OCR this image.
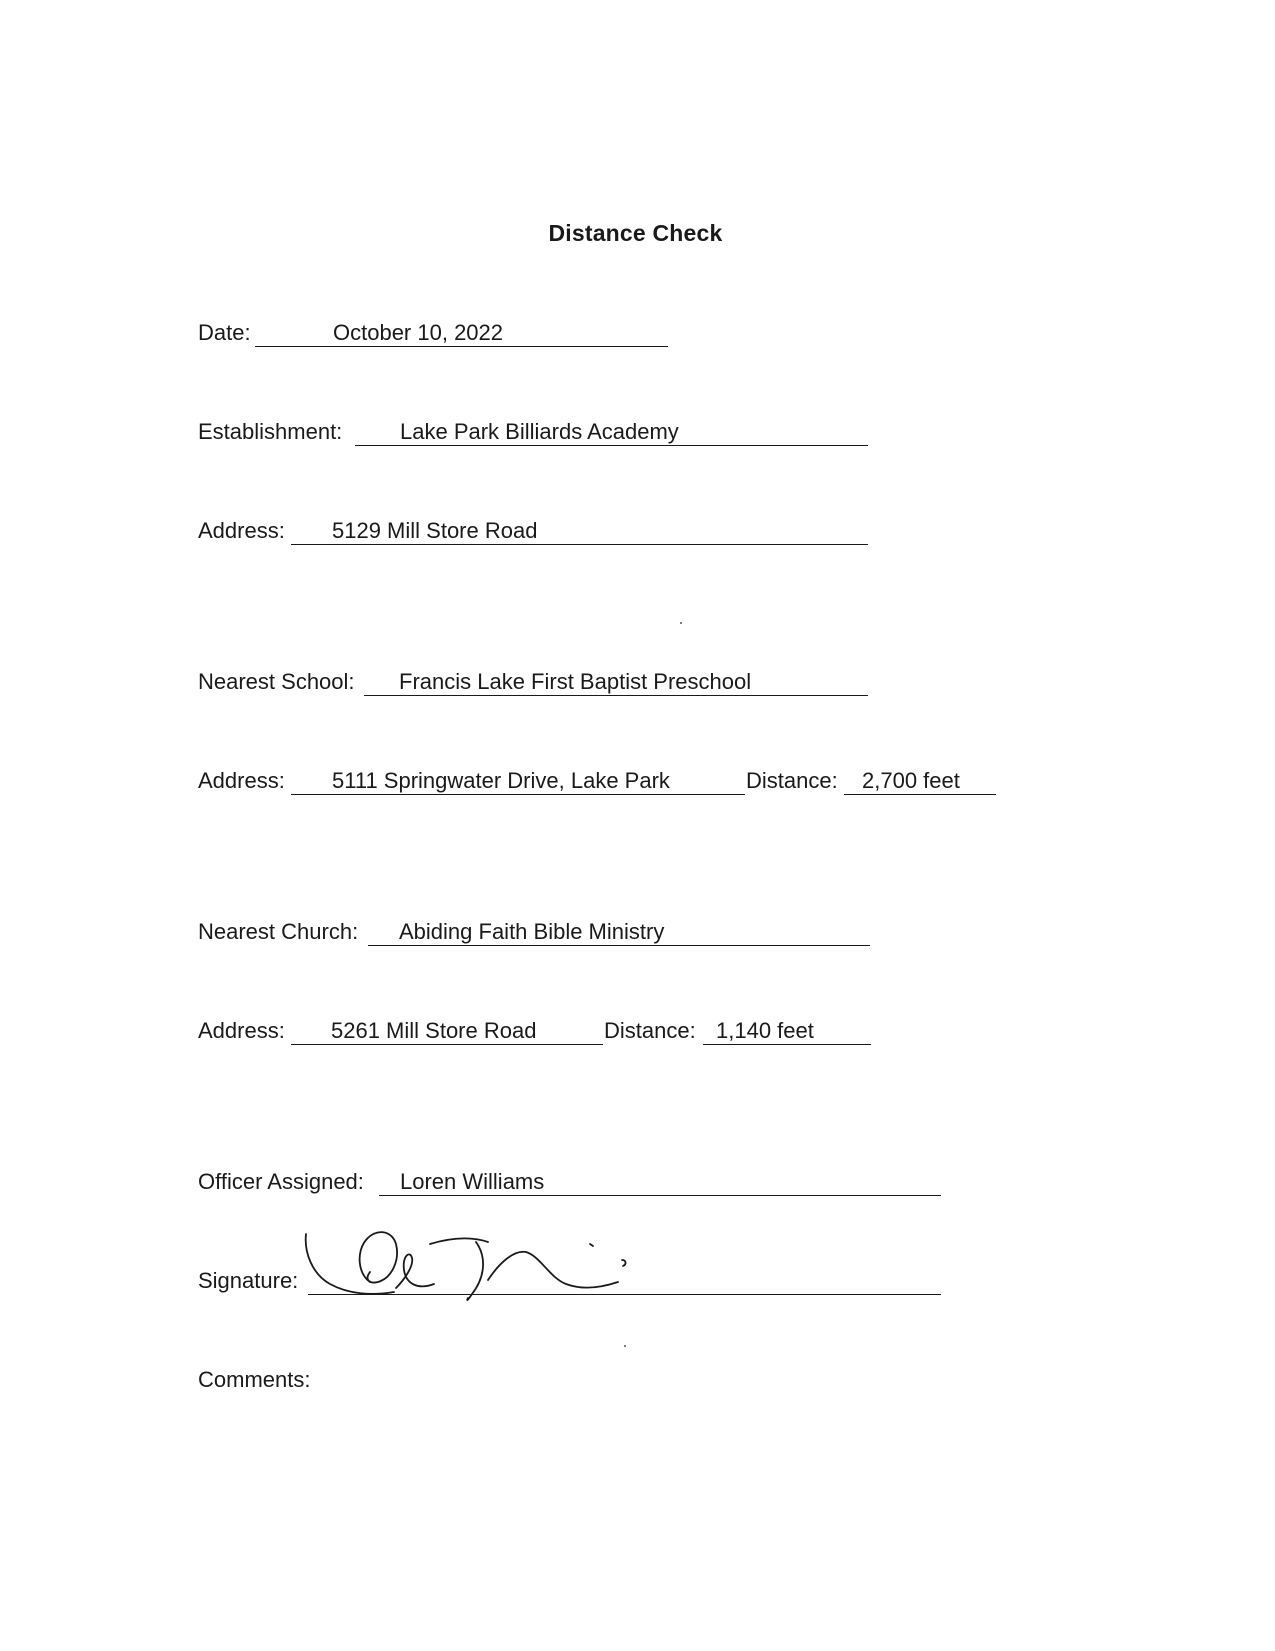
Distance Check
Date:	October 10, 2022
Establishment:	Lake Park Billiards Academy
Address: 5129 Mill Store Road
Nearest School: Francis Lake First Baptist Preschool
Address: 5111 Springwater Drive, Lake Park	Distance: 2,700 feet
Nearest Church: Abiding Faith Bible Ministry
Address: 5261 Mill Store Road	Distance: 1,140 feet
Officer Assigned: Loren Williams
Signature:
Comments:
